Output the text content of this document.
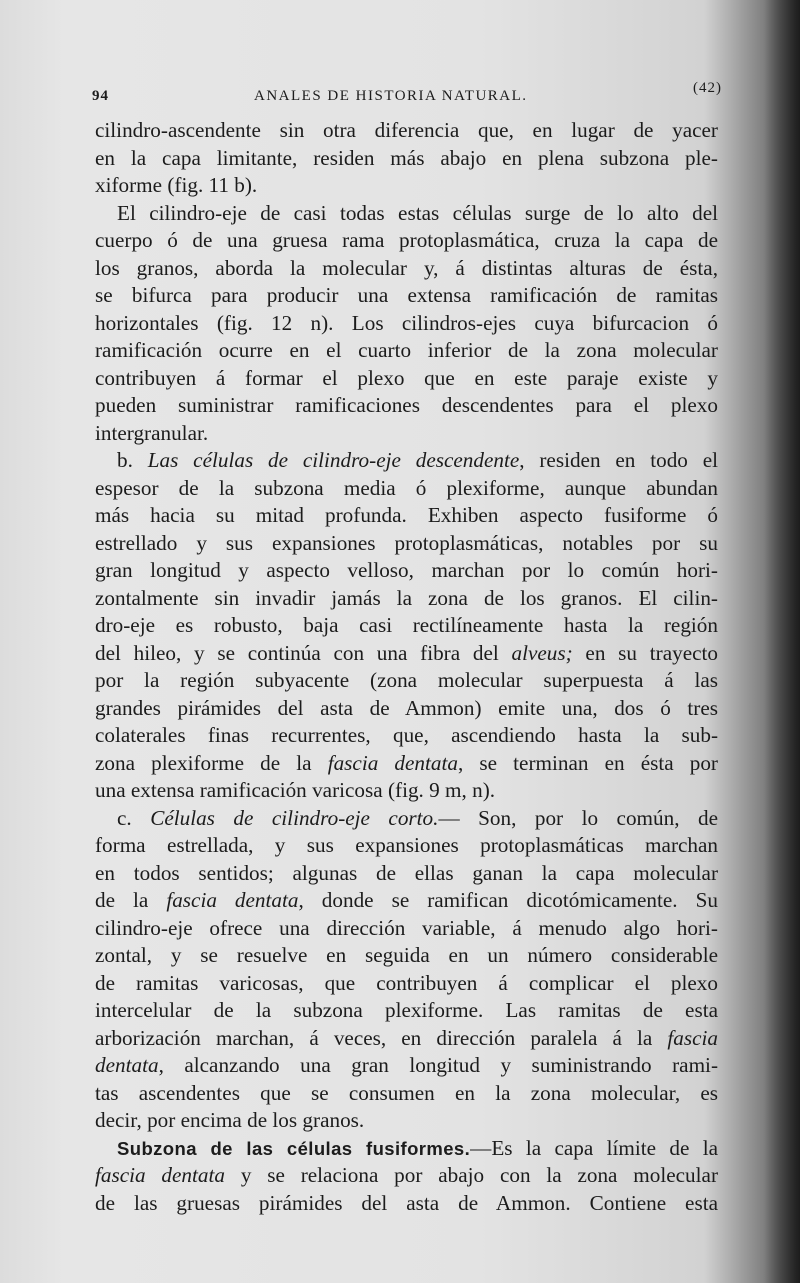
94	ANALES DE HISTORIA NATURAL.	(42)
cilindro-ascendente sin otra diferencia que, en lugar de yacer
en la capa limitante, residen más abajo en plena subzona ple-
xiforme (fig. 11 b).
El cilindro-eje de casi todas estas células surge de lo alto del
cuerpo ó de una gruesa rama protoplasmática, cruza la capa de
los granos, aborda la molecular y, á distintas alturas de ésta,
se bifurca para producir una extensa ramificación de ramitas
horizontales (fig. 12 n). Los cilindros-ejes cuya bifurcacion ó
ramificación ocurre en el cuarto inferior de la zona molecular
contribuyen á formar el plexo que en este paraje existe y
pueden suministrar ramificaciones descendentes para el plexo
intergranular.
b. Las células de cilindro-eje descendente, residen en todo el
espesor de la subzona media ó plexiforme, aunque abundan
más hacia su mitad profunda. Exhiben aspecto fusiforme ó
estrellado y sus expansiones protoplasmáticas, notables por su
gran longitud y aspecto velloso, marchan por lo común hori-
zontalmente sin invadir jamás la zona de los granos. El cilin-
dro-eje es robusto, baja casi rectilíneamente hasta la región
del hileo, y se continúa con una fibra del alveus; en su trayecto
por la región subyacente (zona molecular superpuesta á las
grandes pirámides del asta de Ammon) emite una, dos ó tres
colaterales finas recurrentes, que, ascendiendo hasta la sub-
zona plexiforme de la fascia dentata, se terminan en ésta por
una extensa ramificación varicosa (fig. 9 m, n).
c. Células de cilindro-eje corto.— Son, por lo común, de
forma estrellada, y sus expansiones protoplasmáticas marchan
en todos sentidos; algunas de ellas ganan la capa molecular
de la fascia dentata, donde se ramifican dicotómicamente. Su
cilindro-eje ofrece una dirección variable, á menudo algo hori-
zontal, y se resuelve en seguida en un número considerable
de ramitas varicosas, que contribuyen á complicar el plexo
intercelular de la subzona plexiforme. Las ramitas de esta
arborización marchan, á veces, en dirección paralela á la fascia
dentata, alcanzando una gran longitud y suministrando rami-
tas ascendentes que se consumen en la zona molecular, es
decir, por encima de los granos.
Subzona de las células fusiformes.—Es la capa límite de la
fascia dentata y se relaciona por abajo con la zona molecular
de las gruesas pirámides del asta de Ammon. Contiene esta
